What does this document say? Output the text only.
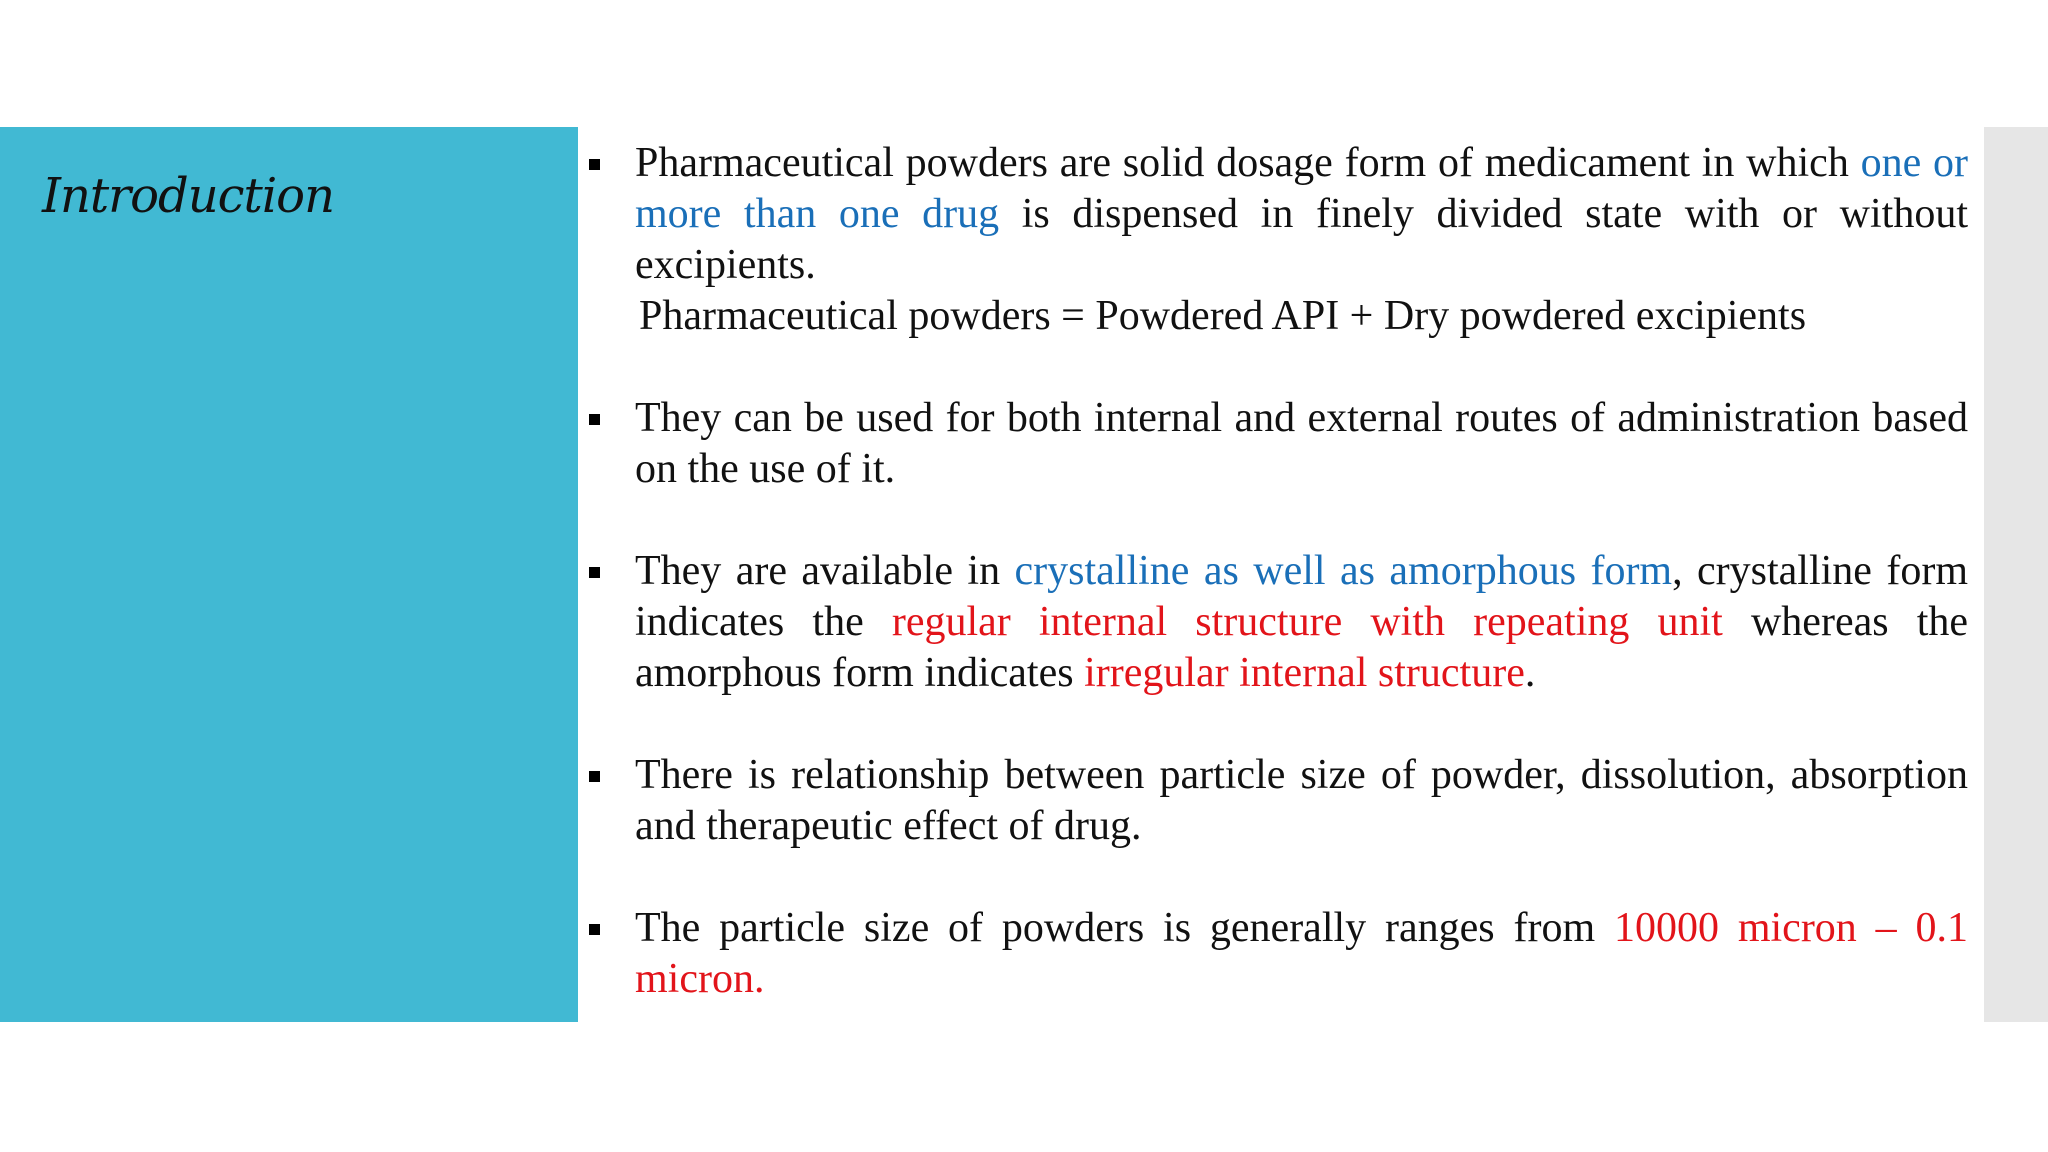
Introduction
Pharmaceutical powders are solid dosage form of medicament in which one or more than one drug is dispensed in finely divided state with or without excipients.
Pharmaceutical powders = Powdered API + Dry powdered excipients
They can be used for both internal and external routes of administration based on the use of it.
They are available in crystalline as well as amorphous form, crystalline form indicates the regular internal structure with repeating unit whereas the amorphous form indicates irregular internal structure.
There is relationship between particle size of powder, dissolution, absorption and therapeutic effect of drug.
The particle size of powders is generally ranges from 10000 micron – 0.1 micron.
